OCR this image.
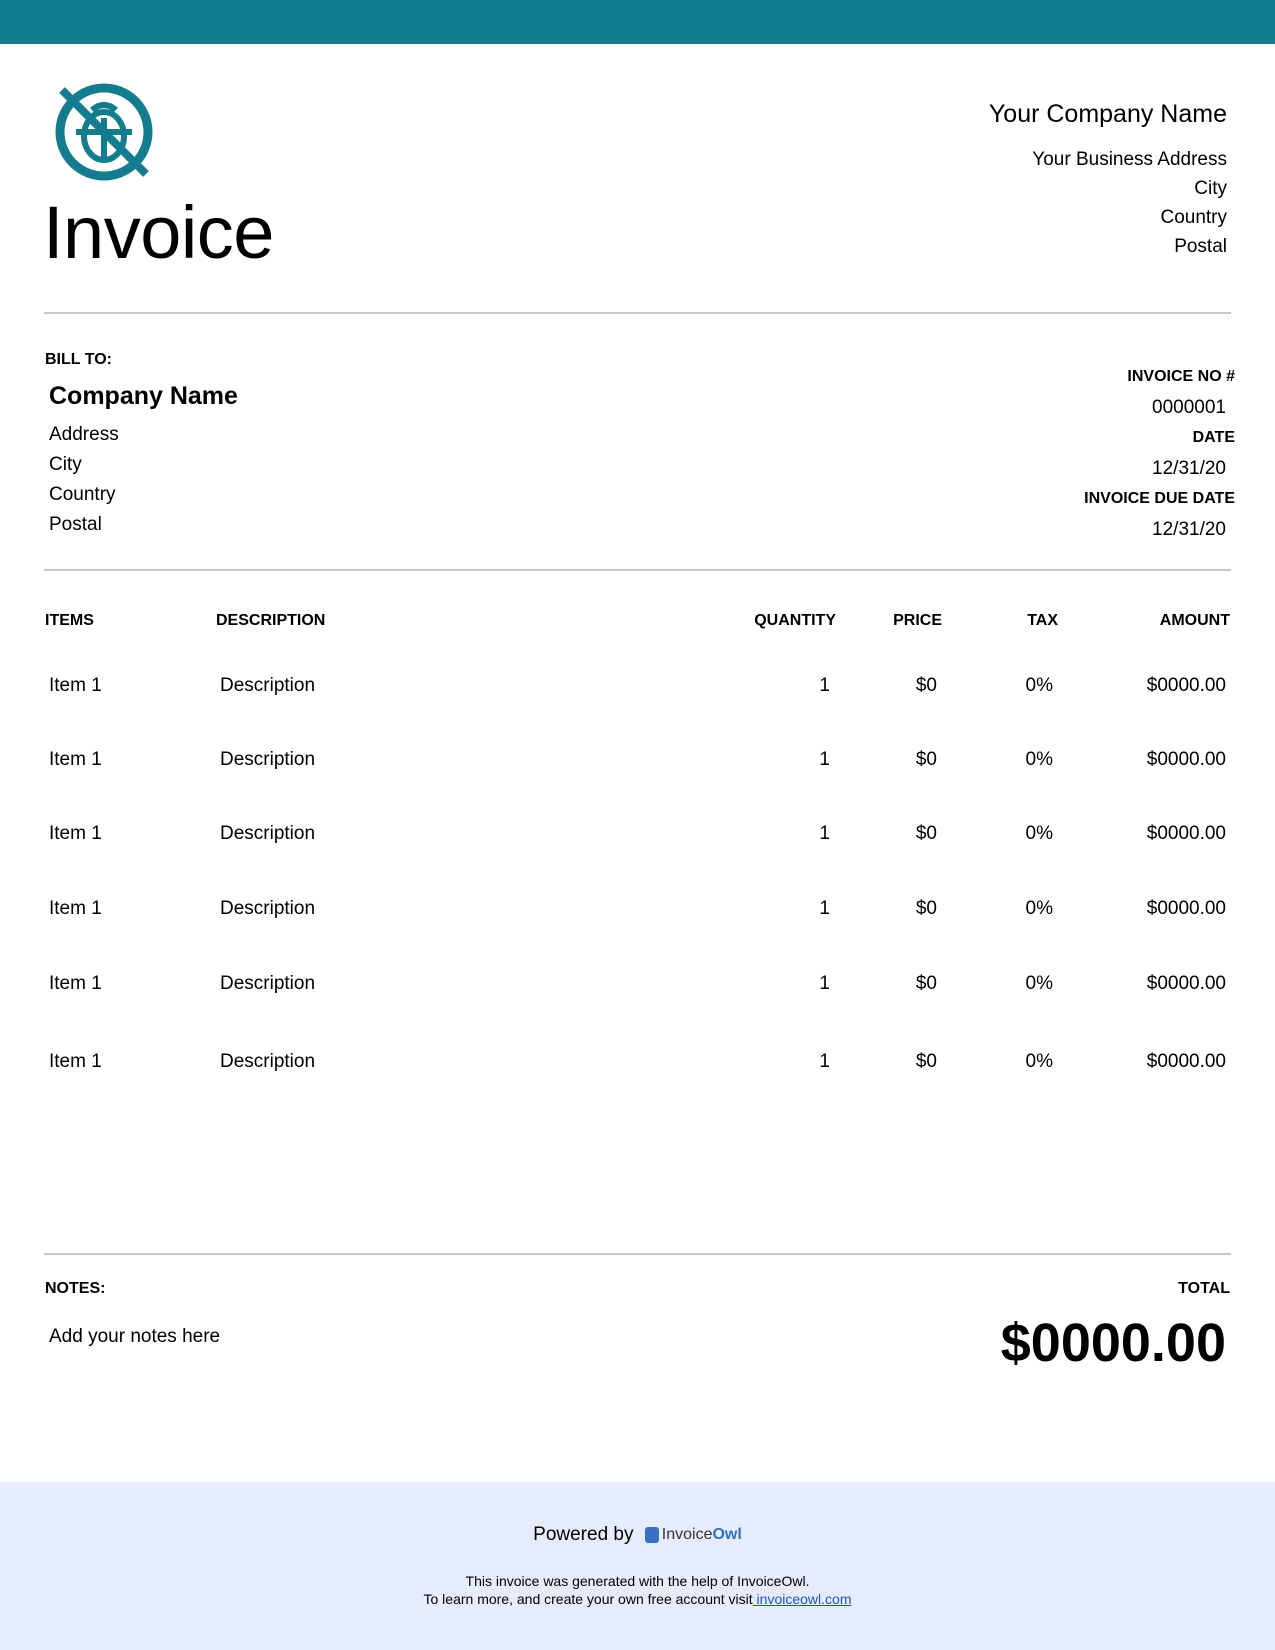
Invoice
Your Company Name
Your Business Address
City
Country
Postal
BILL TO:
Company Name
Address
City
Country
Postal
INVOICE NO #
0000001
DATE
12/31/20
INVOICE DUE DATE
12/31/20
ITEMS	DESCRIPTION	QUANTITY	PRICE	TAX	AMOUNT
Item 1	Description	1	$0	0%	$0000.00
Item 1	Description	1	$0	0%	$0000.00
Item 1	Description	1	$0	0%	$0000.00
Item 1	Description	1	$0	0%	$0000.00
Item 1	Description	1	$0	0%	$0000.00
Item 1	Description	1	$0	0%	$0000.00
NOTES:	TOTAL
Add your notes here	$0000.00
Powered by InvoiceOwl
This invoice was generated with the help of InvoiceOwl.
To learn more, and create your own free account visit invoiceowl.com
